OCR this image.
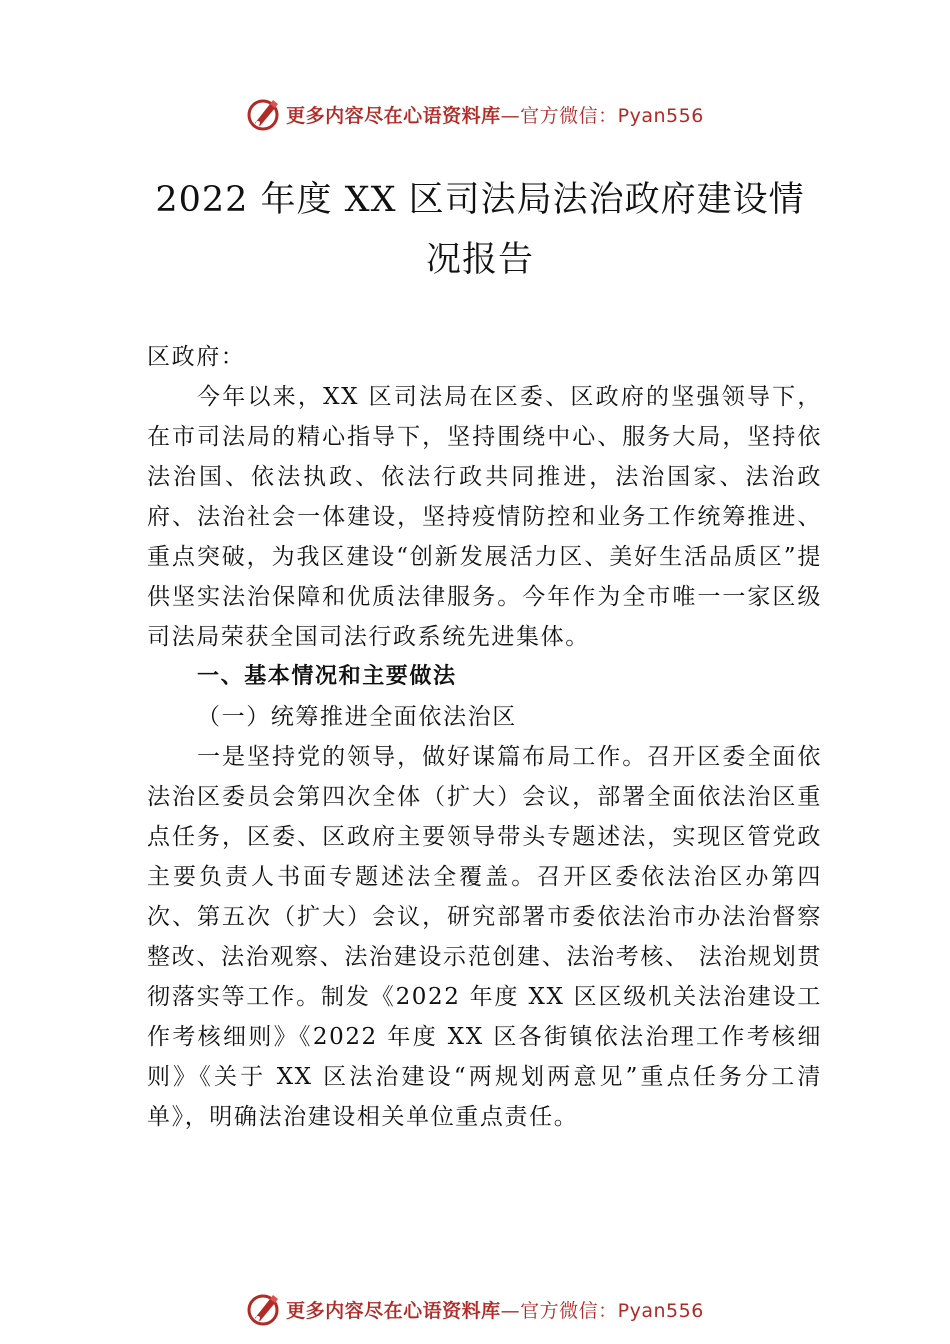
更多内容尽在心语资料库 —官方微信：Pyan556
2022 年度 XX 区司法局法治政府建设情
况报告

区政府：

今年以来，XX 区司法局在区委、区政府的坚强领导下，在市司法局的精心指导下，坚持围绕中心、服务大局，坚持依法治国、依法执政、依法行政共同推进，法治国家、法治政府、法治社会一体建设，坚持疫情防控和业务工作统筹推进、重点突破，为我区建设“创新发展活力区、美好生活品质区”提供坚实法治保障和优质法律服务。今年作为全市唯一一家区级司法局荣获全国司法行政系统先进集体。

一、基本情况和主要做法

（一）统筹推进全面依法治区

一是坚持党的领导，做好谋篇布局工作。召开区委全面依法治区委员会第四次全体（扩大）会议，部署全面依法治区重点任务，区委、区政府主要领导带头专题述法，实现区管党政主要负责人书面专题述法全覆盖。召开区委依法治区办第四次、第五次（扩大）会议，研究部署市委依法治市办法治督察整改、法治观察、法治建设示范创建、法治考核、 法治规划贯彻落实等工作。制发《2022 年度 XX 区区级机关法治建设工作考核细则》《2022 年度 XX 区各街镇依法治理工作考核细则》《关于 XX 区法治建设“两规划两意见”重点任务分工清单》，明确法治建设相关单位重点责任。

更多内容尽在心语资料库 —官方微信：Pyan556
